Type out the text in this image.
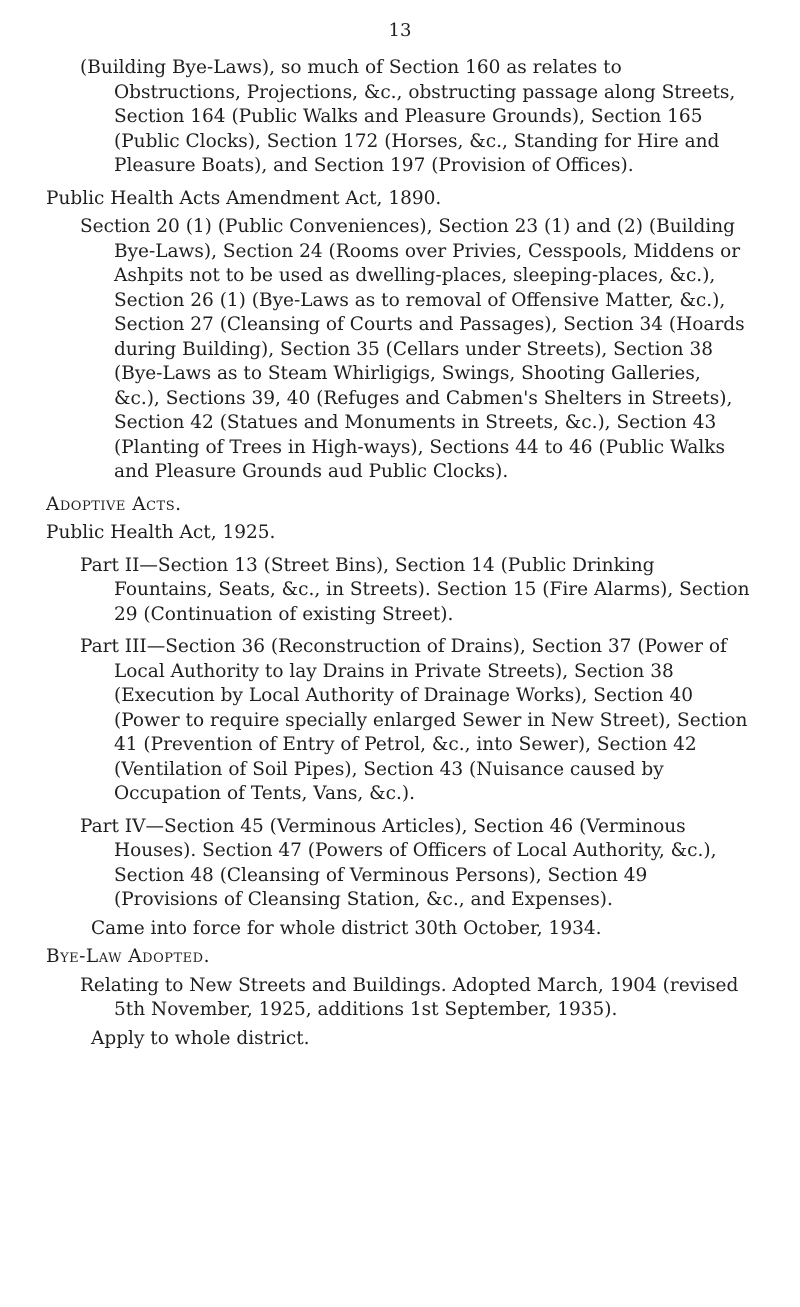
13

(Building Bye-Laws), so much of Section 160 as relates to Obstructions, Projections, &c., obstructing passage along Streets, Section 164 (Public Walks and Pleasure Grounds), Section 165 (Public Clocks), Section 172 (Horses, &c., Standing for Hire and Pleasure Boats), and Section 197 (Provision of Offices).

Public Health Acts Amendment Act, 1890.

Section 20 (1) (Public Conveniences), Section 23 (1) and (2) (Building Bye-Laws), Section 24 (Rooms over Privies, Cesspools, Middens or Ashpits not to be used as dwelling-places, sleeping-places, &c.), Section 26 (1) (Bye-Laws as to removal of Offensive Matter, &c.), Section 27 (Cleansing of Courts and Passages), Section 34 (Hoards during Building), Section 35 (Cellars under Streets), Section 38 (Bye-Laws as to Steam Whirligigs, Swings, Shooting Galleries, &c.), Sections 39, 40 (Refuges and Cabmen's Shelters in Streets), Section 42 (Statues and Monuments in Streets, &c.), Section 43 (Planting of Trees in High-ways), Sections 44 to 46 (Public Walks and Pleasure Grounds aud Public Clocks).

Adoptive Acts.

Public Health Act, 1925.

Part II—Section 13 (Street Bins), Section 14 (Public Drinking Fountains, Seats, &c., in Streets). Section 15 (Fire Alarms), Section 29 (Continuation of existing Street).

Part III—Section 36 (Reconstruction of Drains), Section 37 (Power of Local Authority to lay Drains in Private Streets), Section 38 (Execution by Local Authority of Drainage Works), Section 40 (Power to require specially enlarged Sewer in New Street), Section 41 (Prevention of Entry of Petrol, &c., into Sewer), Section 42 (Ventilation of Soil Pipes), Section 43 (Nuisance caused by Occupation of Tents, Vans, &c.).

Part IV—Section 45 (Verminous Articles), Section 46 (Verminous Houses). Section 47 (Powers of Officers of Local Authority, &c.), Section 48 (Cleansing of Verminous Persons), Section 49 (Provisions of Cleansing Station, &c., and Expenses).

Came into force for whole district 30th October, 1934.

Bye-Law Adopted.

Relating to New Streets and Buildings. Adopted March, 1904 (revised 5th November, 1925, additions 1st September, 1935).

Apply to whole district.
